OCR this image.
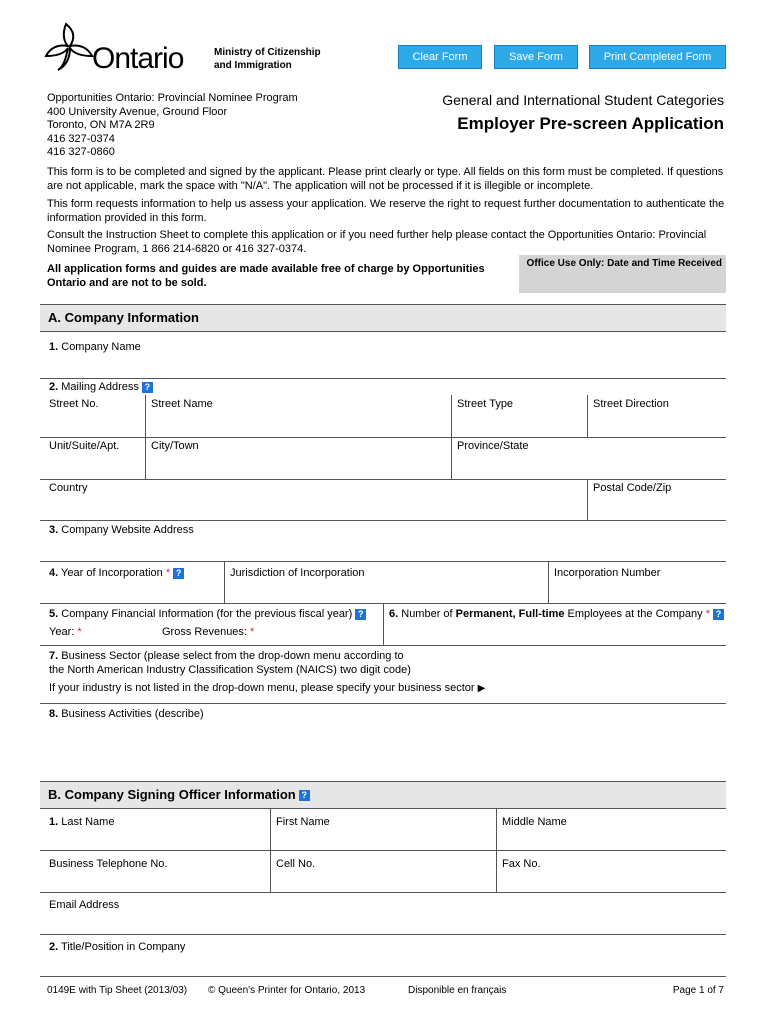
Ontario	Ministry of Citizenship
and Immigration
Clear Form	Save Form	Print Completed Form
Opportunities Ontario: Provincial Nominee Program
400 University Avenue, Ground Floor
Toronto, ON M7A 2R9
416 327-0374
416 327-0860
General and International Student Categories
Employer Pre-screen Application
This form is to be completed and signed by the applicant. Please print clearly or type. All fields on this form must be completed. If questions are not applicable, mark the space with "N/A". The application will not be processed if it is illegible or incomplete.
This form requests information to help us assess your application. We reserve the right to request further documentation to authenticate the information provided in this form.
Consult the Instruction Sheet to complete this application or if you need further help please contact the Opportunities Ontario: Provincial Nominee Program, 1 866 214-6820 or 416 327-0374.
All application forms and guides are made available free of charge by Opportunities Ontario and are not to be sold.
Office Use Only: Date and Time Received
A. Company Information
1. Company Name
2. Mailing Address ?
Street No.	Street Name	Street Type	Street Direction
Unit/Suite/Apt.	City/Town	Province/State
Country	Postal Code/Zip
3. Company Website Address
4. Year of Incorporation * ?	Jurisdiction of Incorporation	Incorporation Number
5. Company Financial Information (for the previous fiscal year) ?
Year: *	Gross Revenues: *
6. Number of Permanent, Full-time Employees at the Company * ?
7. Business Sector (please select from the drop-down menu according to
the North American Industry Classification System (NAICS) two digit code)
If your industry is not listed in the drop-down menu, please specify your business sector ▶
8. Business Activities (describe)
B. Company Signing Officer Information ?
1. Last Name	First Name	Middle Name
Business Telephone No.	Cell No.	Fax No.
Email Address
2. Title/Position in Company
0149E with Tip Sheet (2013/03) © Queen's Printer for Ontario, 2013	Disponible en français	Page 1 of 7
